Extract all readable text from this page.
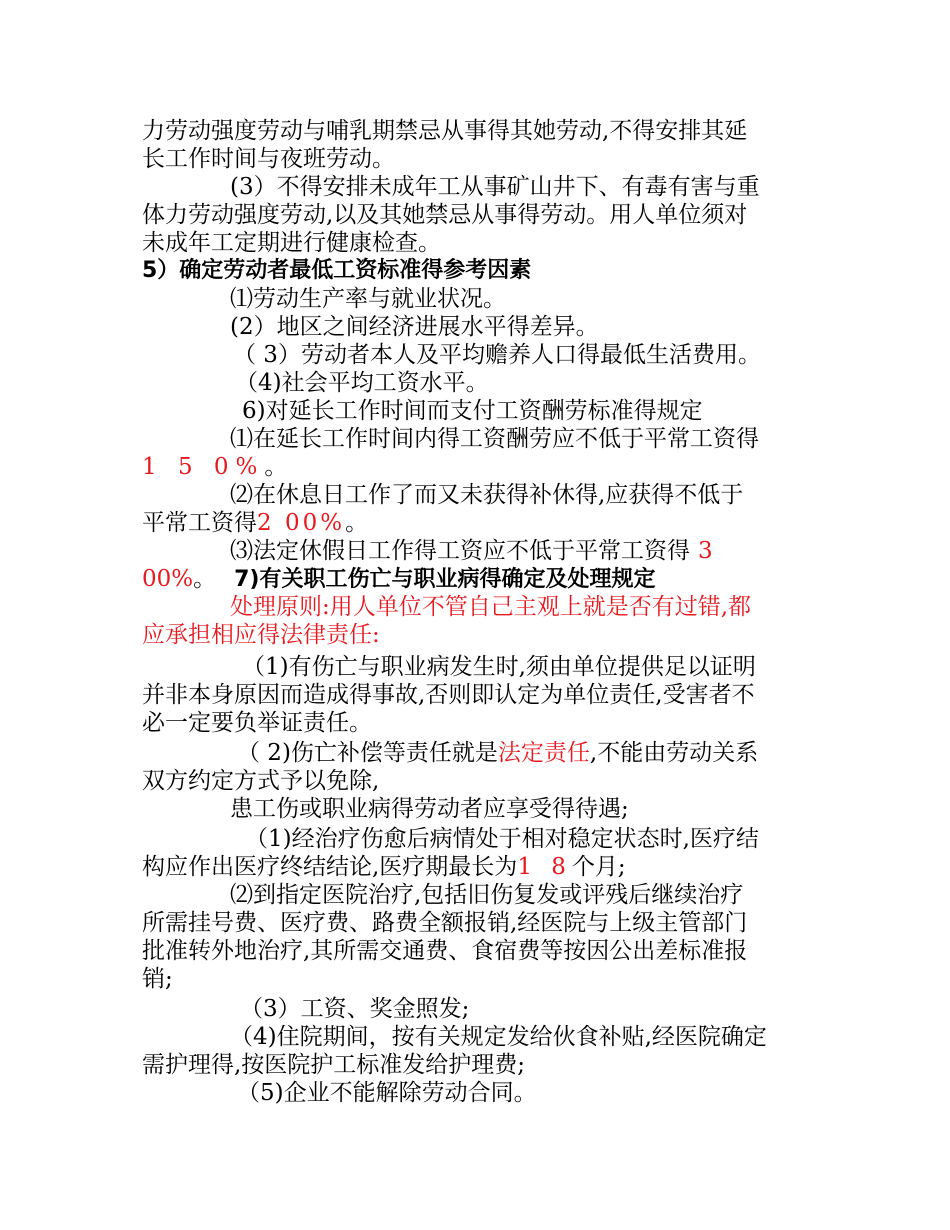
力劳动强度劳动与哺乳期禁忌从事得其她劳动,不得安排其延
长工作时间与夜班劳动。
(3）不得安排未成年工从事矿山井下、有毒有害与重
体力劳动强度劳动,以及其她禁忌从事得劳动。用人单位须对
未成年工定期进行健康检查。
5）确定劳动者最低工资标准得参考因素
⑴劳动生产率与就业状况。
(2）地区之间经济进展水平得差异。
（ 3）劳动者本人及平均赡养人口得最低生活费用。
（4)社会平均工资水平。
6)对延长工作时间而支付工资酬劳标准得规定
⑴在延长工作时间内得工资酬劳应不低于平常工资得
1 5 0%。
⑵在休息日工作了而又未获得补休得,应获得不低于
平常工资得2 00%。
⑶法定休假日工作得工资应不低于平常工资得 3
00%。 7)有关职工伤亡与职业病得确定及处理规定
处理原则:用人单位不管自己主观上就是否有过错,都
应承担相应得法律责任:
（1)有伤亡与职业病发生时,须由单位提供足以证明
并非本身原因而造成得事故,否则即认定为单位责任,受害者不
必一定要负举证责任。
（ 2)伤亡补偿等责任就是法定责任,不能由劳动关系
双方约定方式予以免除,
患工伤或职业病得劳动者应享受得待遇;
（1)经治疗伤愈后病情处于相对稳定状态时,医疗结
构应作出医疗终结结论,医疗期最长为1 8个月;
⑵到指定医院治疗,包括旧伤复发或评残后继续治疗
所需挂号费、医疗费、路费全额报销,经医院与上级主管部门
批准转外地治疗,其所需交通费、食宿费等按因公出差标准报
销;
（3）工资、奖金照发;
（4)住院期间，按有关规定发给伙食补贴,经医院确定
需护理得,按医院护工标准发给护理费;
（5)企业不能解除劳动合同。
